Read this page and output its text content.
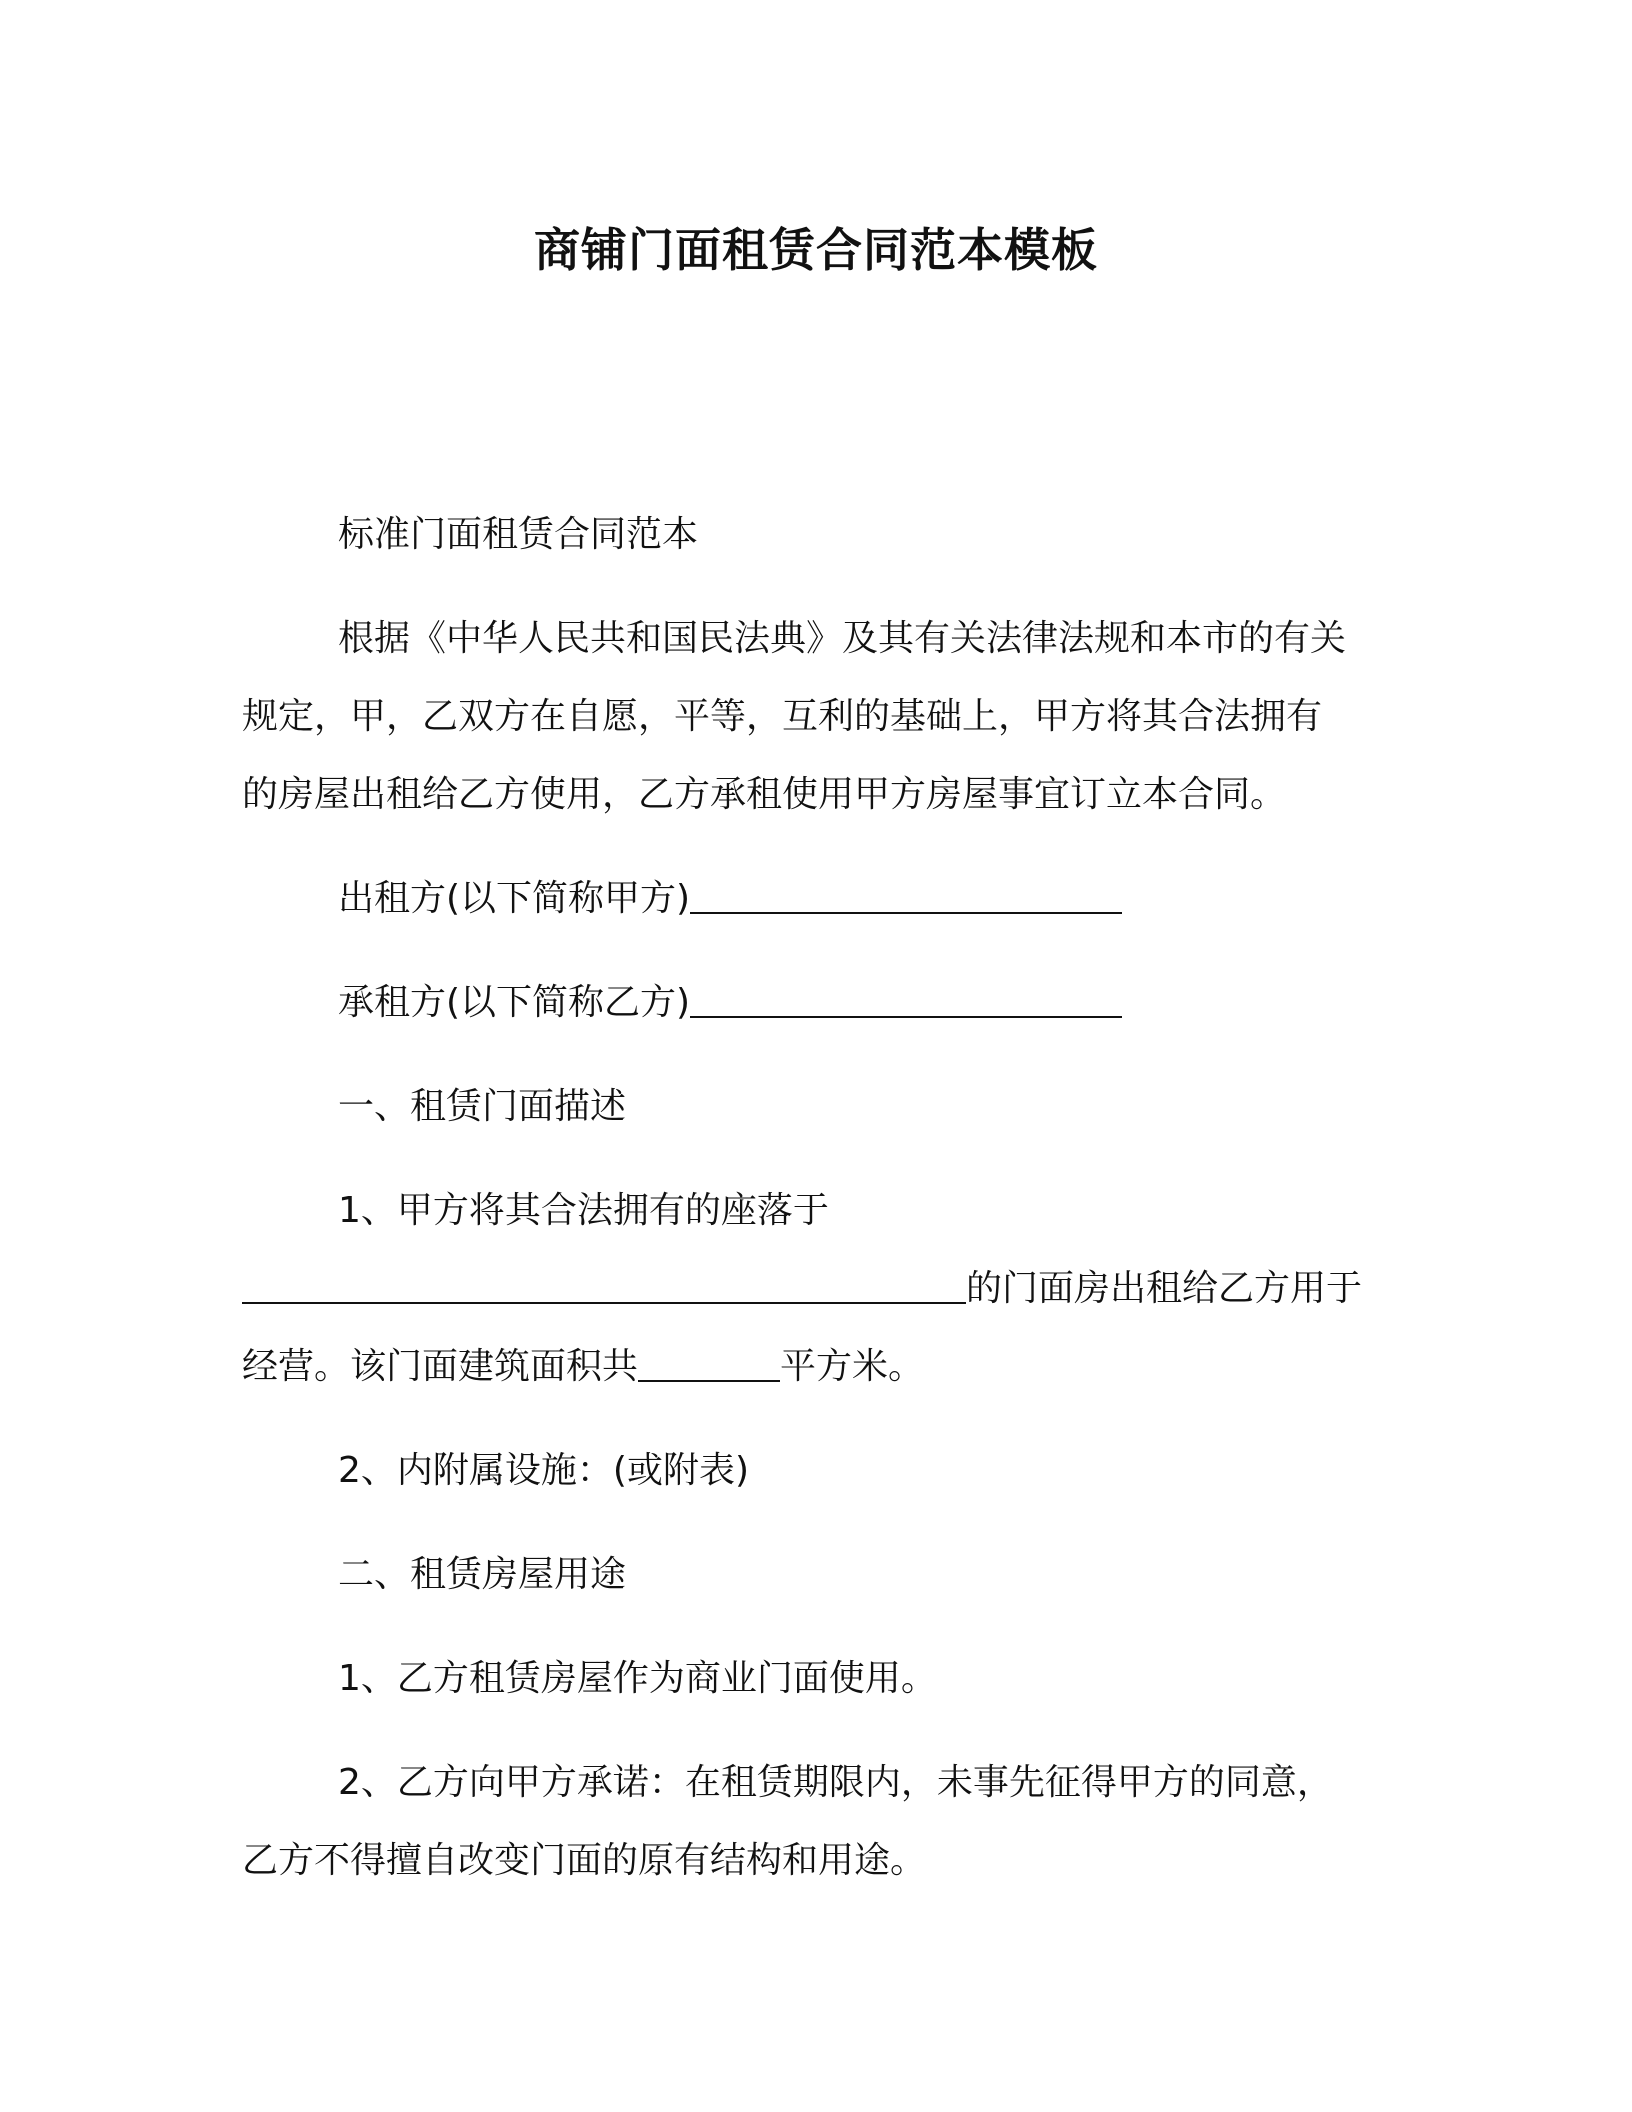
商铺门面租赁合同范本模板
标准门面租赁合同范本
根据《中华人民共和国民法典》及其有关法律法规和本市的有关
规定，甲，乙双方在自愿，平等，互利的基础上，甲方将其合法拥有
的房屋出租给乙方使用，乙方承租使用甲方房屋事宜订立本合同。
出租方(以下简称甲方)
承租方(以下简称乙方)
一、租赁门面描述
1、甲方将其合法拥有的座落于
的门面房出租给乙方用于
经营。该门面建筑面积共	平方米。
2、内附属设施：(或附表)
二、租赁房屋用途
1、乙方租赁房屋作为商业门面使用。
2、乙方向甲方承诺：在租赁期限内，未事先征得甲方的同意，
乙方不得擅自改变门面的原有结构和用途。
